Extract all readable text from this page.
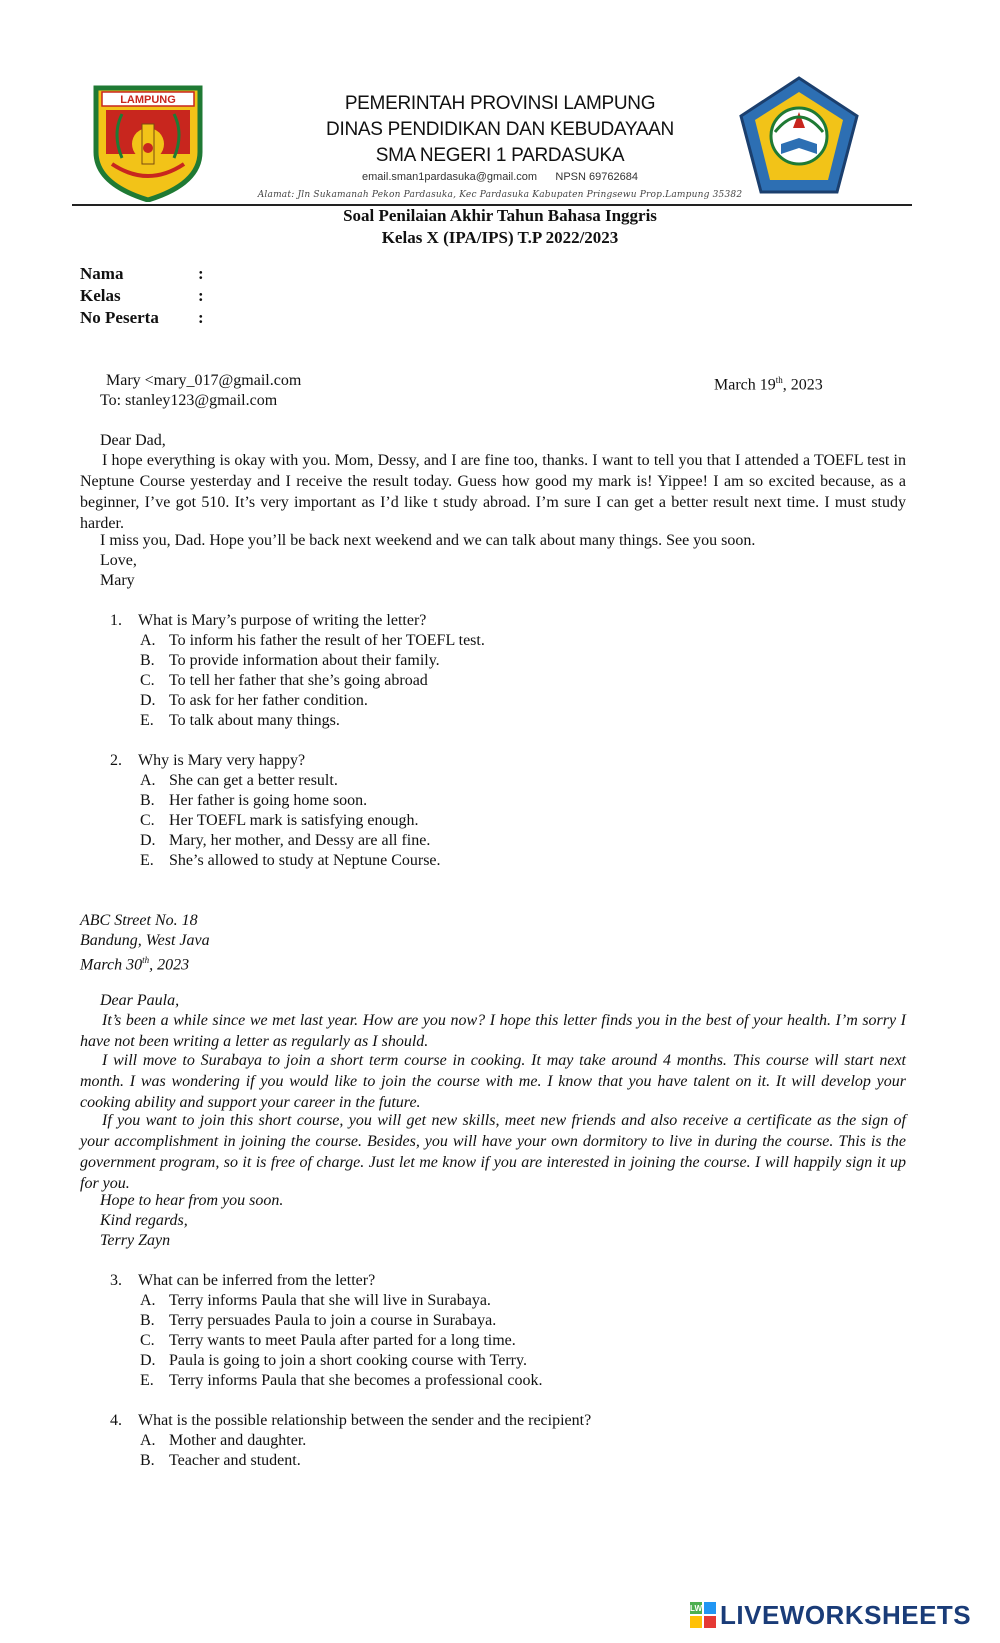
LAMPUNG	PEMERINTAH PROVINSI LAMPUNG
DINAS PENDIDIKAN DAN KEBUDAYAAN
SMA NEGERI 1 PARDASUKA
email.sman1pardasuka@gmail.com      NPSN 69762684
Alamat: Jln Sukamanah Pekon Pardasuka, Kec Pardasuka Kabupaten Pringsewu Prop.Lampung 35382
Soal Penilaian Akhir Tahun Bahasa Inggris
Kelas X (IPA/IPS) T.P 2022/2023
Nama	:
Kelas	:
No Peserta :
Mary <mary_017@gmail.com	March 19th, 2023
To: stanley123@gmail.com
Dear Dad,
I hope everything is okay with you. Mom, Dessy, and I are fine too, thanks. I want to tell you that I attended a TOEFL test in Neptune Course yesterday and I receive the result today. Guess how good my mark is! Yippee! I am so excited because, as a beginner, I’ve got 510. It’s very important as I’d like t study abroad. I’m sure I can get a better result next time. I must study harder.
I miss you, Dad. Hope you’ll be back next weekend and we can talk about many things. See you soon.
Love,
Mary
1. What is Mary’s purpose of writing the letter?
A. To inform his father the result of her TOEFL test.
B. To provide information about their family.
C. To tell her father that she’s going abroad
D. To ask for her father condition.
E. To talk about many things.
2. Why is Mary very happy?
A. She can get a better result.
B. Her father is going home soon.
C. Her TOEFL mark is satisfying enough.
D. Mary, her mother, and Dessy are all fine.
E. She’s allowed to study at Neptune Course.
ABC Street No. 18
Bandung, West Java
March 30th, 2023
Dear Paula,
It’s been a while since we met last year. How are you now? I hope this letter finds you in the best of your health. I’m sorry I have not been writing a letter as regularly as I should.
I will move to Surabaya to join a short term course in cooking. It may take around 4 months. This course will start next month. I was wondering if you would like to join the course with me. I know that you have talent on it. It will develop your cooking ability and support your career in the future.
If you want to join this short course, you will get new skills, meet new friends and also receive a certificate as the sign of your accomplishment in joining the course. Besides, you will have your own dormitory to live in during the course. This is the government program, so it is free of charge. Just let me know if you are interested in joining the course. I will happily sign it up for you.
Hope to hear from you soon.
Kind regards,
Terry Zayn
3. What can be inferred from the letter?
A. Terry informs Paula that she will live in Surabaya.
B. Terry persuades Paula to join a course in Surabaya.
C. Terry wants to meet Paula after parted for a long time.
D. Paula is going to join a short cooking course with Terry.
E. Terry informs Paula that she becomes a professional cook.
4. What is the possible relationship between the sender and the recipient?
A. Mother and daughter.
B. Teacher and student.
LW LIVEWORKSHEETS
